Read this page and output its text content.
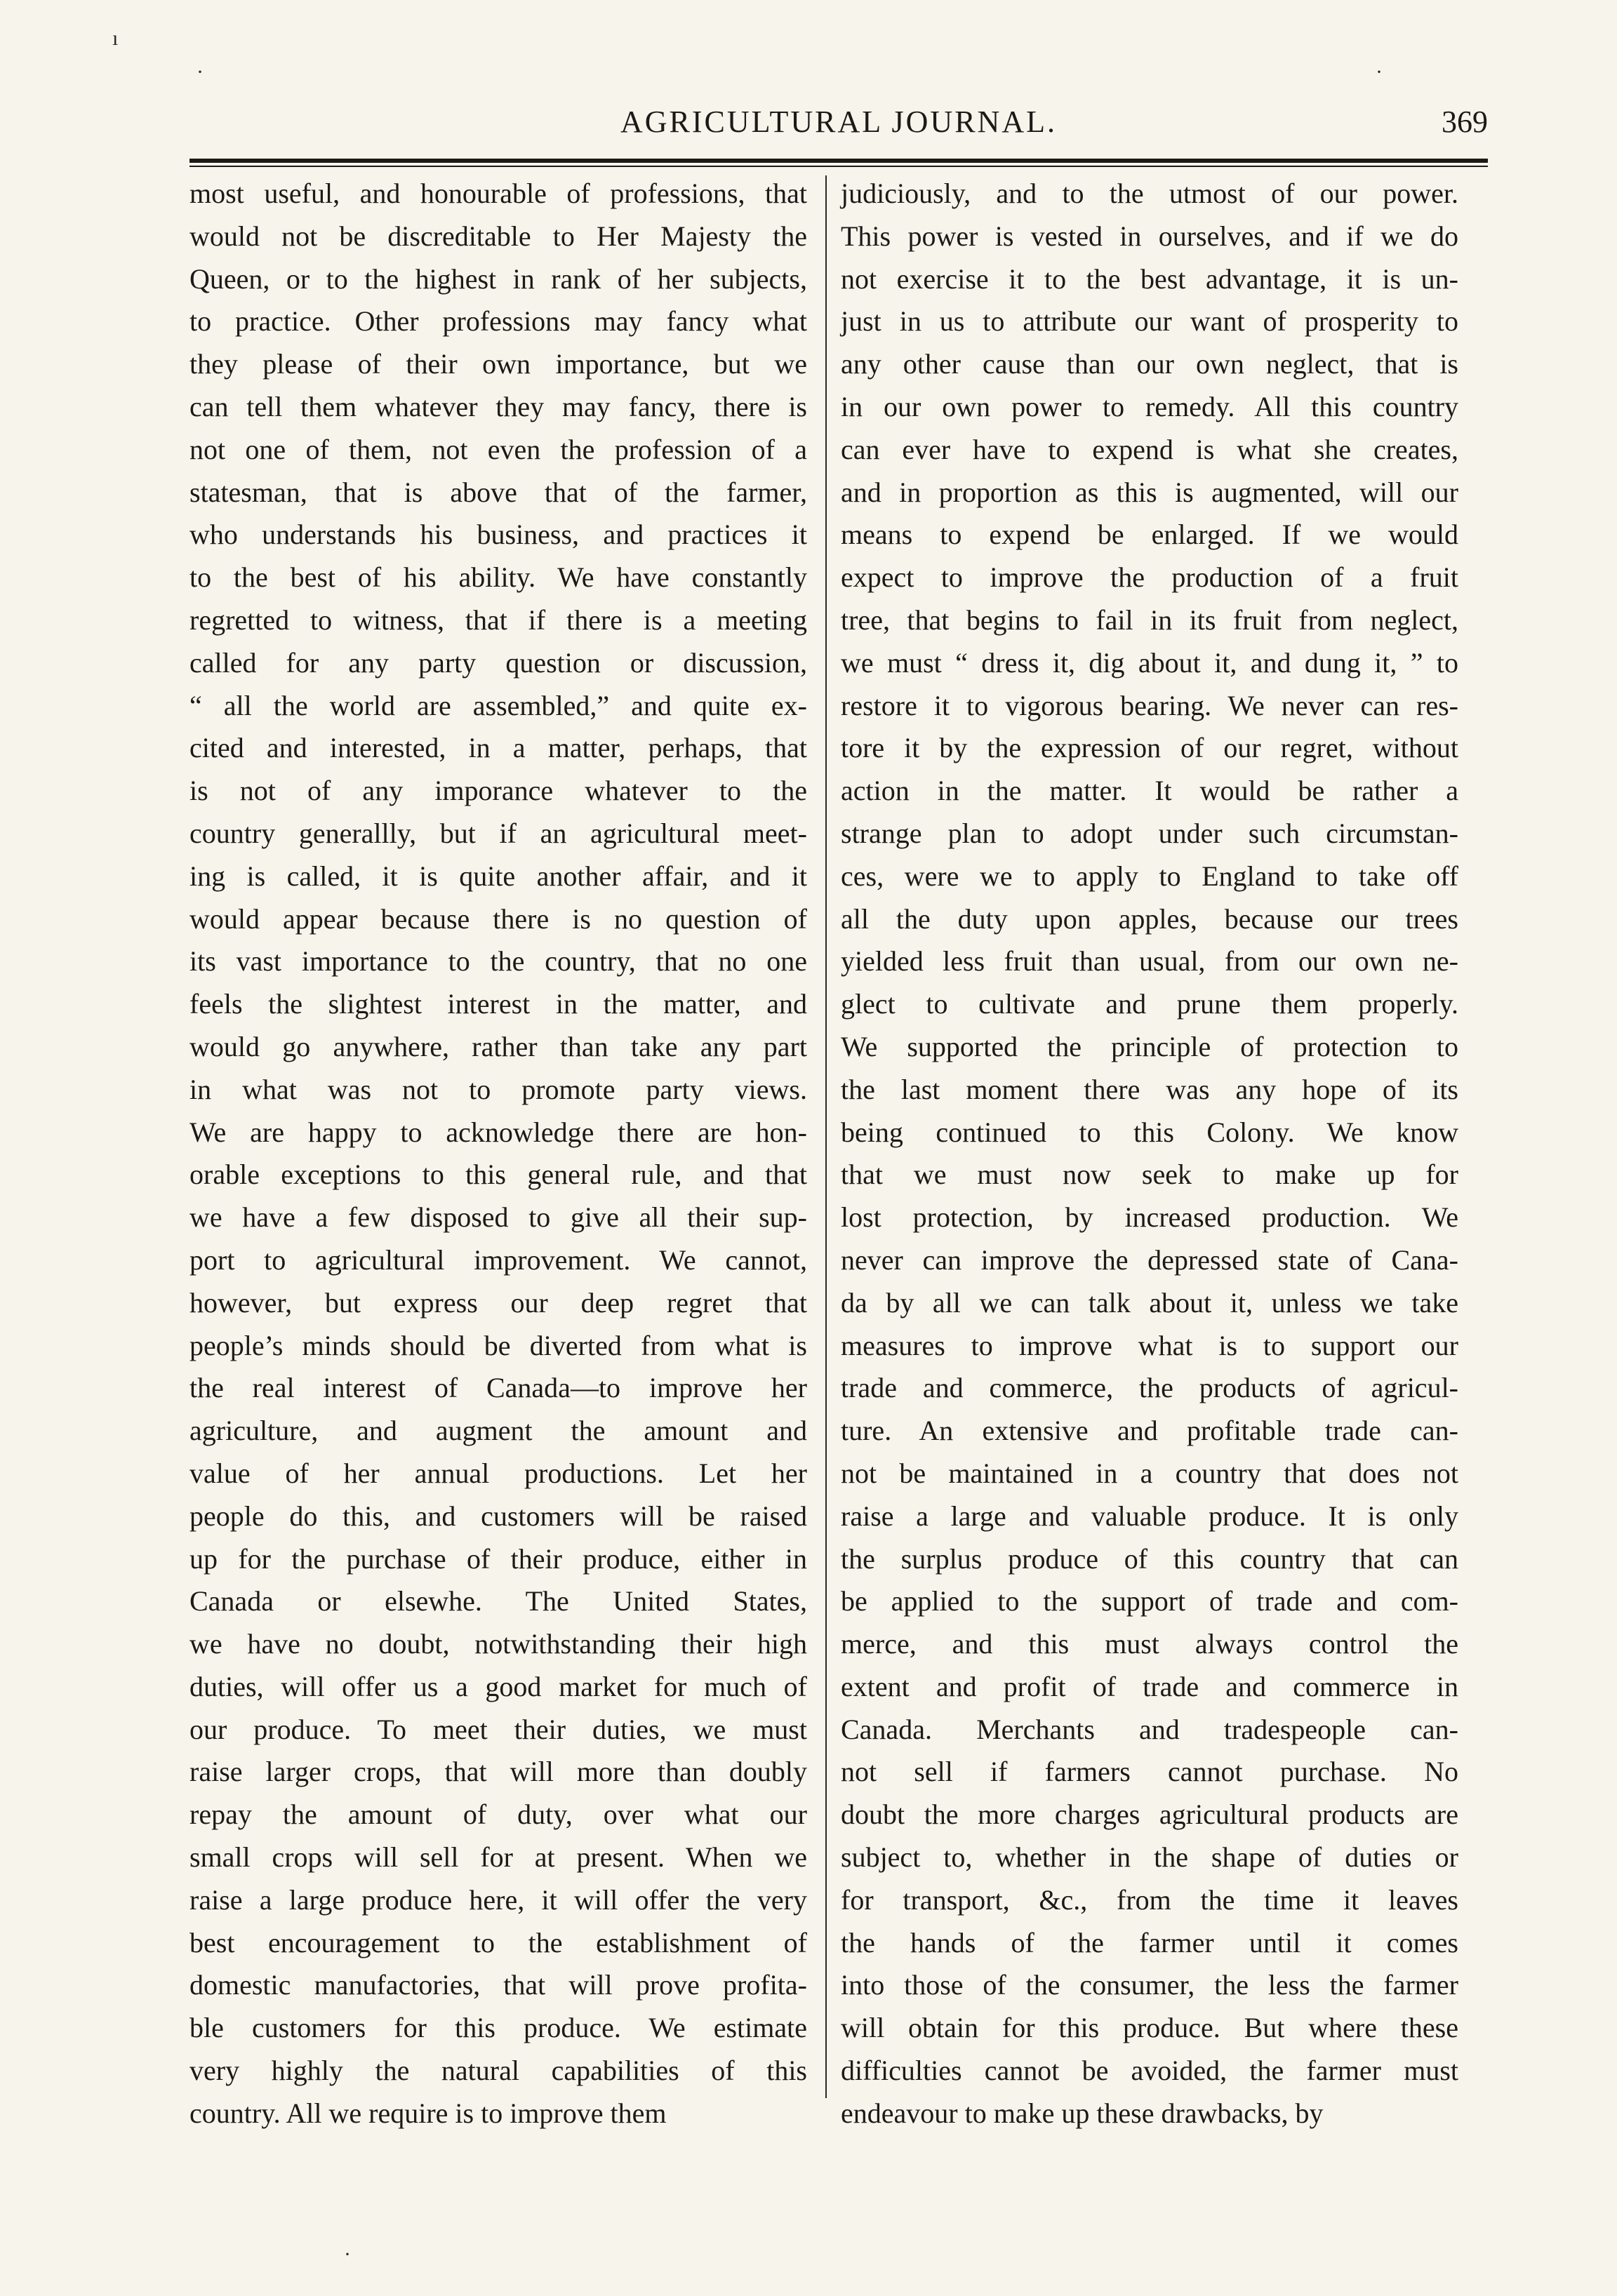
ı
·	·
·
AGRICULTURAL JOURNAL.	369
most useful, and honourable of professions, that
would not be discreditable to Her Majesty the
Queen, or to the highest in rank of her subjects,
to practice. Other professions may fancy what
they please of their own importance, but we
can tell them whatever they may fancy, there is
not one of them, not even the profession of a
statesman, that is above that of the farmer,
who understands his business, and practices it
to the best of his ability. We have constantly
regretted to witness, that if there is a meeting
called for any party question or discussion,
“ all the world are assembled,” and quite ex-
cited and interested, in a matter, perhaps, that
is not of any imporance whatever to the
country generallly, but if an agricultural meet-
ing is called, it is quite another affair, and it
would appear because there is no question of
its vast importance to the country, that no one
feels the slightest interest in the matter, and
would go anywhere, rather than take any part
in what was not to promote party views.
We are happy to acknowledge there are hon-
orable exceptions to this general rule, and that
we have a few disposed to give all their sup-
port to agricultural improvement. We cannot,
however, but express our deep regret that
people’s minds should be diverted from what is
the real interest of Canada—to improve her
agriculture, and augment the amount and
value of her annual productions. Let her
people do this, and customers will be raised
up for the purchase of their produce, either in
Canada or elsewhe. The United States,
we have no doubt, notwithstanding their high
duties, will offer us a good market for much of
our produce. To meet their duties, we must
raise larger crops, that will more than doubly
repay the amount of duty, over what our
small crops will sell for at present. When we
raise a large produce here, it will offer the very
best encouragement to the establishment of
domestic manufactories, that will prove profita-
ble customers for this produce. We estimate
very highly the natural capabilities of this
country. All we require is to improve them
judiciously, and to the utmost of our power.
This power is vested in ourselves, and if we do
not exercise it to the best advantage, it is un-
just in us to attribute our want of prosperity to
any other cause than our own neglect, that is
in our own power to remedy. All this country
can ever have to expend is what she creates,
and in proportion as this is augmented, will our
means to expend be enlarged. If we would
expect to improve the production of a fruit
tree, that begins to fail in its fruit from neglect,
we must “ dress it, dig about it, and dung it, ” to
restore it to vigorous bearing. We never can res-
tore it by the expression of our regret, without
action in the matter. It would be rather a
strange plan to adopt under such circumstan-
ces, were we to apply to England to take off
all the duty upon apples, because our trees
yielded less fruit than usual, from our own ne-
glect to cultivate and prune them properly.
We supported the principle of protection to
the last moment there was any hope of its
being continued to this Colony. We know
that we must now seek to make up for
lost protection, by increased production. We
never can improve the depressed state of Cana-
da by all we can talk about it, unless we take
measures to improve what is to support our
trade and commerce, the products of agricul-
ture. An extensive and profitable trade can-
not be maintained in a country that does not
raise a large and valuable produce. It is only
the surplus produce of this country that can
be applied to the support of trade and com-
merce, and this must always control the
extent and profit of trade and commerce in
Canada. Merchants and tradespeople can-
not sell if farmers cannot purchase. No
doubt the more charges agricultural products are
subject to, whether in the shape of duties or
for transport, &c., from the time it leaves
the hands of the farmer until it comes
into those of the consumer, the less the farmer
will obtain for this produce. But where these
difficulties cannot be avoided, the farmer must
endeavour to make up these drawbacks, by
